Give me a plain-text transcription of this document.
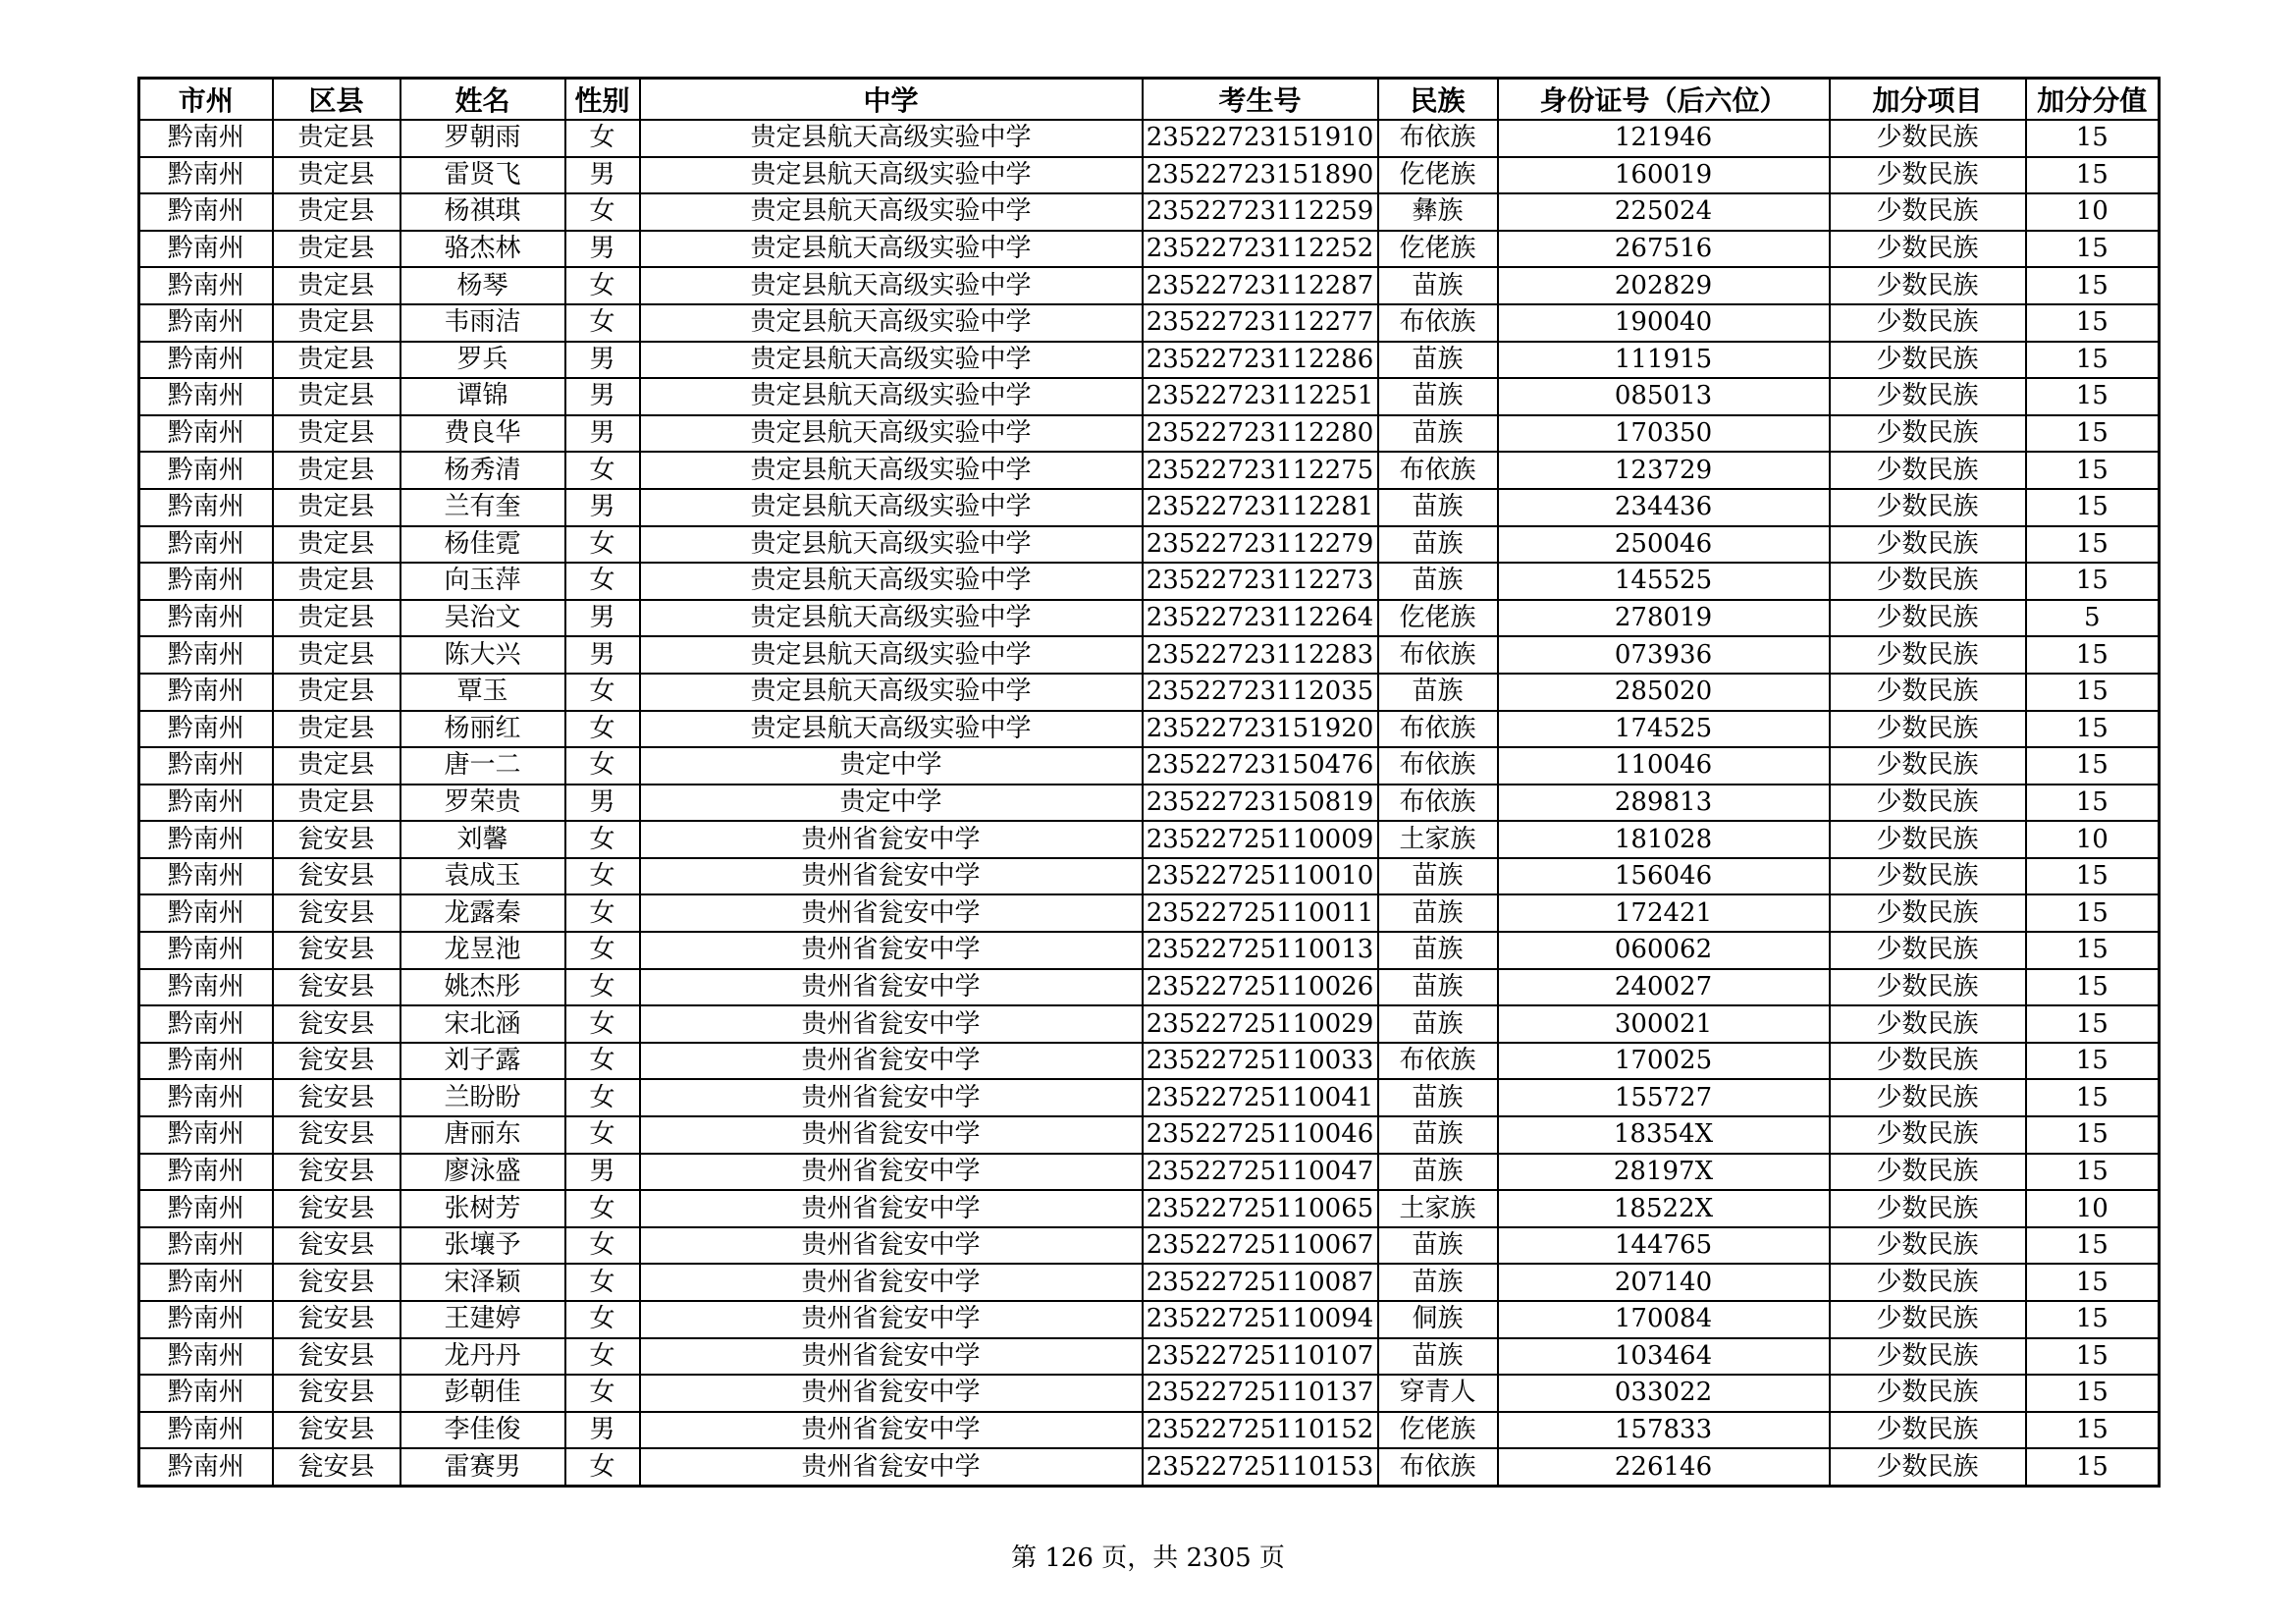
市州	区县	姓名	性别	中学	考生号	民族	身份证号（后六位）	加分项目	加分分值
黔南州	贵定县	罗朝雨	女	贵定县航天高级实验中学	23522723151910	布依族	121946	少数民族	15
黔南州	贵定县	雷贤飞	男	贵定县航天高级实验中学	23522723151890	仡佬族	160019	少数民族	15
黔南州	贵定县	杨祺琪	女	贵定县航天高级实验中学	23522723112259	彝族	225024	少数民族	10
黔南州	贵定县	骆杰林	男	贵定县航天高级实验中学	23522723112252	仡佬族	267516	少数民族	15
黔南州	贵定县	杨琴	女	贵定县航天高级实验中学	23522723112287	苗族	202829	少数民族	15
黔南州	贵定县	韦雨洁	女	贵定县航天高级实验中学	23522723112277	布依族	190040	少数民族	15
黔南州	贵定县	罗兵	男	贵定县航天高级实验中学	23522723112286	苗族	111915	少数民族	15
黔南州	贵定县	谭锦	男	贵定县航天高级实验中学	23522723112251	苗族	085013	少数民族	15
黔南州	贵定县	费良华	男	贵定县航天高级实验中学	23522723112280	苗族	170350	少数民族	15
黔南州	贵定县	杨秀清	女	贵定县航天高级实验中学	23522723112275	布依族	123729	少数民族	15
黔南州	贵定县	兰有奎	男	贵定县航天高级实验中学	23522723112281	苗族	234436	少数民族	15
黔南州	贵定县	杨佳霓	女	贵定县航天高级实验中学	23522723112279	苗族	250046	少数民族	15
黔南州	贵定县	向玉萍	女	贵定县航天高级实验中学	23522723112273	苗族	145525	少数民族	15
黔南州	贵定县	吴治文	男	贵定县航天高级实验中学	23522723112264	仡佬族	278019	少数民族	5
黔南州	贵定县	陈大兴	男	贵定县航天高级实验中学	23522723112283	布依族	073936	少数民族	15
黔南州	贵定县	覃玉	女	贵定县航天高级实验中学	23522723112035	苗族	285020	少数民族	15
黔南州	贵定县	杨丽红	女	贵定县航天高级实验中学	23522723151920	布依族	174525	少数民族	15
黔南州	贵定县	唐一二	女	贵定中学	23522723150476	布依族	110046	少数民族	15
黔南州	贵定县	罗荣贵	男	贵定中学	23522723150819	布依族	289813	少数民族	15
黔南州	瓮安县	刘馨	女	贵州省瓮安中学	23522725110009	土家族	181028	少数民族	10
黔南州	瓮安县	袁成玉	女	贵州省瓮安中学	23522725110010	苗族	156046	少数民族	15
黔南州	瓮安县	龙露秦	女	贵州省瓮安中学	23522725110011	苗族	172421	少数民族	15
黔南州	瓮安县	龙昱池	女	贵州省瓮安中学	23522725110013	苗族	060062	少数民族	15
黔南州	瓮安县	姚杰彤	女	贵州省瓮安中学	23522725110026	苗族	240027	少数民族	15
黔南州	瓮安县	宋北涵	女	贵州省瓮安中学	23522725110029	苗族	300021	少数民族	15
黔南州	瓮安县	刘子露	女	贵州省瓮安中学	23522725110033	布依族	170025	少数民族	15
黔南州	瓮安县	兰盼盼	女	贵州省瓮安中学	23522725110041	苗族	155727	少数民族	15
黔南州	瓮安县	唐丽东	女	贵州省瓮安中学	23522725110046	苗族	18354X	少数民族	15
黔南州	瓮安县	廖泳盛	男	贵州省瓮安中学	23522725110047	苗族	28197X	少数民族	15
黔南州	瓮安县	张树芳	女	贵州省瓮安中学	23522725110065	土家族	18522X	少数民族	10
黔南州	瓮安县	张壤予	女	贵州省瓮安中学	23522725110067	苗族	144765	少数民族	15
黔南州	瓮安县	宋泽颖	女	贵州省瓮安中学	23522725110087	苗族	207140	少数民族	15
黔南州	瓮安县	王建婷	女	贵州省瓮安中学	23522725110094	侗族	170084	少数民族	15
黔南州	瓮安县	龙丹丹	女	贵州省瓮安中学	23522725110107	苗族	103464	少数民族	15
黔南州	瓮安县	彭朝佳	女	贵州省瓮安中学	23522725110137	穿青人	033022	少数民族	15
黔南州	瓮安县	李佳俊	男	贵州省瓮安中学	23522725110152	仡佬族	157833	少数民族	15
黔南州	瓮安县	雷赛男	女	贵州省瓮安中学	23522725110153	布依族	226146	少数民族	15
第 126 页，共 2305 页
